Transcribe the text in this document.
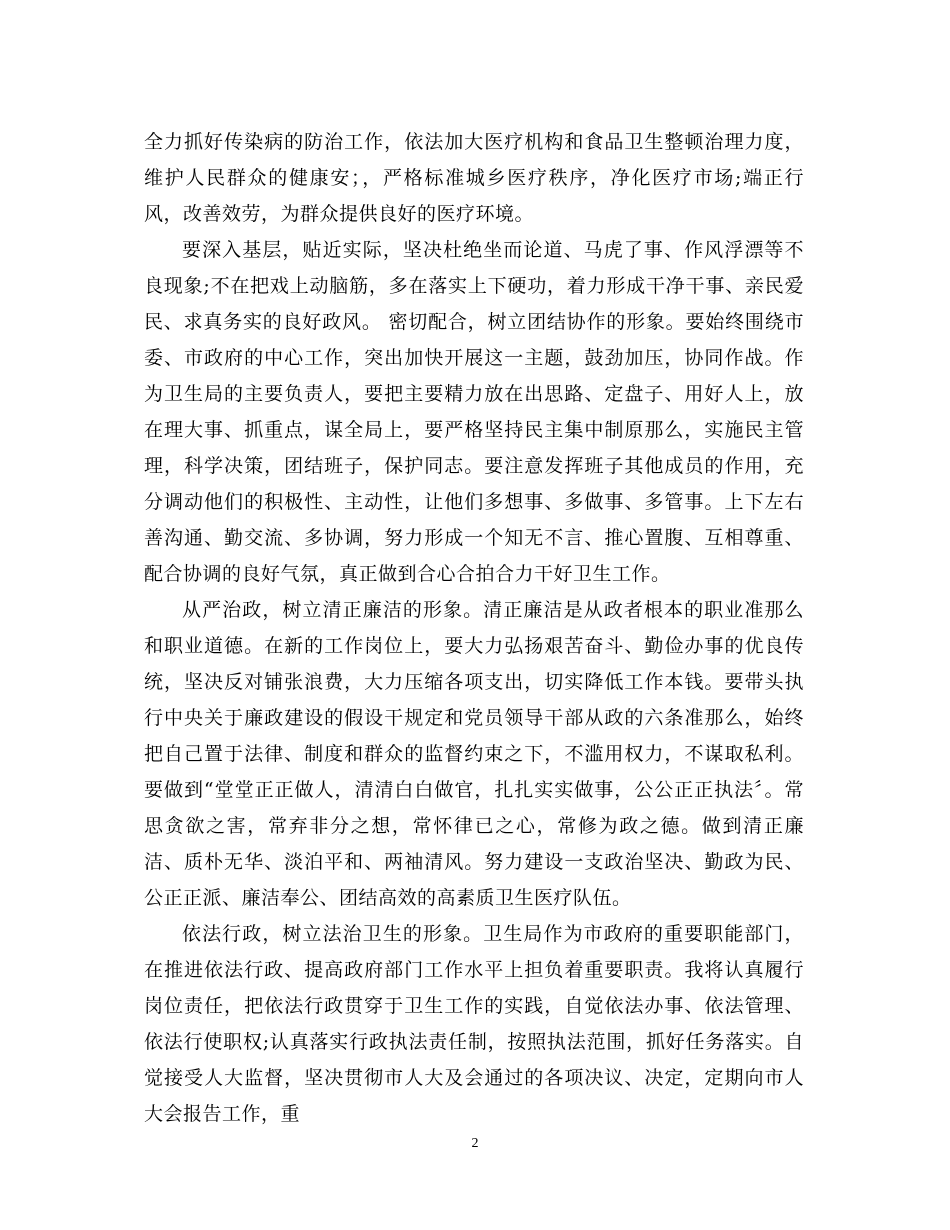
全力抓好传染病的防治工作，依法加大医疗机构和食品卫生整顿治理力度，维护人民群众的健康安；，严格标准城乡医疗秩序，净化医疗市场;端正行风，改善效劳，为群众提供良好的医疗环境。

要深入基层，贴近实际，坚决杜绝坐而论道、马虎了事、作风浮漂等不良现象;不在把戏上动脑筋，多在落实上下硬功，着力形成干净干事、亲民爱民、求真务实的良好政风。 密切配合，树立团结协作的形象。要始终围绕市委、市政府的中心工作，突出加快开展这一主题，鼓劲加压，协同作战。作为卫生局的主要负责人，要把主要精力放在出思路、定盘子、用好人上，放在理大事、抓重点，谋全局上，要严格坚持民主集中制原那么，实施民主管理，科学决策，团结班子，保护同志。要注意发挥班子其他成员的作用，充分调动他们的积极性、主动性，让他们多想事、多做事、多管事。上下左右善沟通、勤交流、多协调，努力形成一个知无不言、推心置腹、互相尊重、配合协调的良好气氛，真正做到合心合拍合力干好卫生工作。

从严治政，树立清正廉洁的形象。清正廉洁是从政者根本的职业准那么和职业道德。在新的工作岗位上，要大力弘扬艰苦奋斗、勤俭办事的优良传统，坚决反对铺张浪费，大力压缩各项支出，切实降低工作本钱。要带头执行中央关于廉政建设的假设干规定和党员领导干部从政的六条准那么，始终把自己置于法律、制度和群众的监督约束之下，不滥用权力，不谋取私利。要做到“堂堂正正做人，清清白白做官，扎扎实实做事，公公正正执法〞。常思贪欲之害，常弃非分之想，常怀律已之心，常修为政之德。做到清正廉洁、质朴无华、淡泊平和、两袖清风。努力建设一支政治坚决、勤政为民、公正正派、廉洁奉公、团结高效的高素质卫生医疗队伍。

依法行政，树立法治卫生的形象。卫生局作为市政府的重要职能部门，在推进依法行政、提高政府部门工作水平上担负着重要职责。我将认真履行岗位责任，把依法行政贯穿于卫生工作的实践，自觉依法办事、依法管理、依法行使职权;认真落实行政执法责任制，按照执法范围，抓好任务落实。自觉接受人大监督，坚决贯彻市人大及会通过的各项决议、决定，定期向市人大会报告工作，重

2
